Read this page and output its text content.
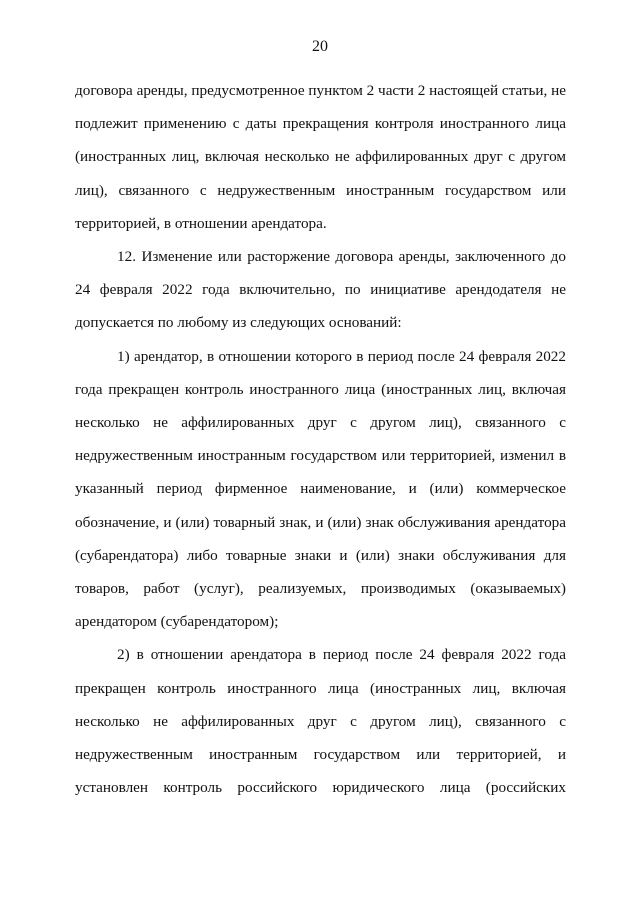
20
договора аренды, предусмотренное пунктом 2 части 2 настоящей статьи, не
подлежит применению с даты прекращения контроля иностранного лица
(иностранных лиц, включая несколько не аффилированных друг с другом
лиц), связанного с недружественным иностранным государством или
территорией, в отношении арендатора.
12. Изменение или расторжение договора аренды, заключенного до
24 февраля 2022 года включительно, по инициативе арендодателя не
допускается по любому из следующих оснований:
1) арендатор, в отношении которого в период после 24 февраля 2022
года прекращен контроль иностранного лица (иностранных лиц, включая
несколько не аффилированных друг с другом лиц), связанного с
недружественным иностранным государством или территорией, изменил в
указанный период фирменное наименование, и (или) коммерческое
обозначение, и (или) товарный знак, и (или) знак обслуживания арендатора
(субарендатора) либо товарные знаки и (или) знаки обслуживания для
товаров, работ (услуг), реализуемых, производимых (оказываемых)
арендатором (субарендатором);
2) в отношении арендатора в период после 24 февраля 2022 года
прекращен контроль иностранного лица (иностранных лиц, включая
несколько не аффилированных друг с другом лиц), связанного с
недружественным иностранным государством или территорией, и
установлен контроль российского юридического лица (российских
